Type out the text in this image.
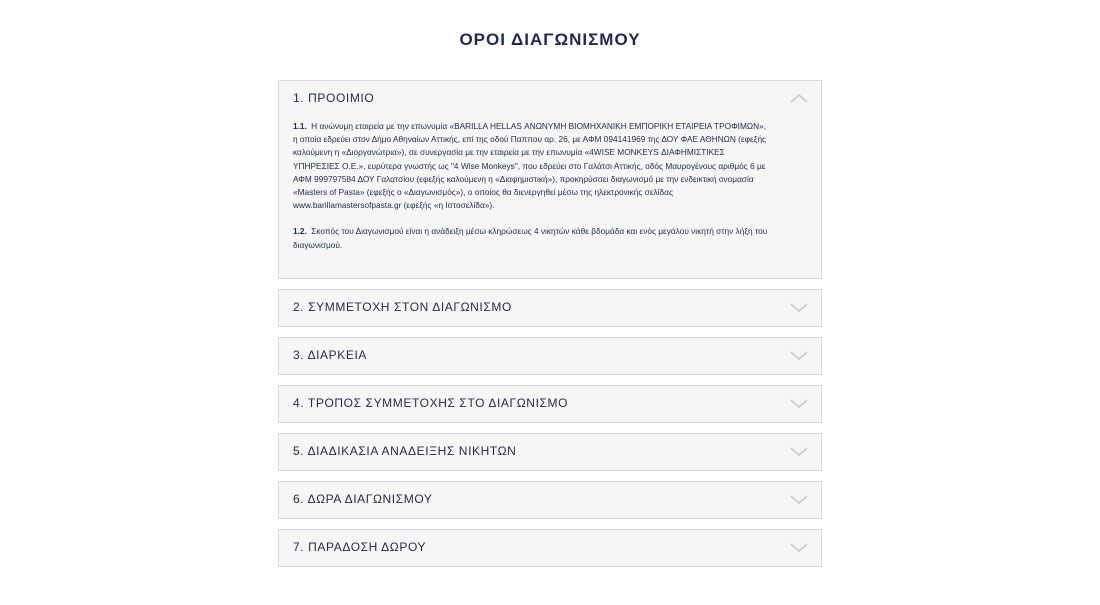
ΟΡΟΙ ΔΙΑΓΩΝΙΣΜΟΥ
1. ΠΡΟΟΙΜΙΟ

1.1. Η ανώνυμη εταιρεία με την επωνυμία «BARILLA HELLAS ΑΝΩΝΥΜΗ ΒΙΟΜΗΧΑΝΙΚΗ ΕΜΠΟΡΙΚΗ ΕΤΑΙΡΕΙΑ ΤΡΟΦΙΜΩΝ», η οποία εδρεύει στον Δήμο Αθηναίων Αττικής, επί της οδού Παππου αρ. 26, με ΑΦΜ 094141969 της ΔΟΥ ΦΑΕ ΑΘΗΝΩΝ (εφεξής καλούμενη η «Διοργανώτρια»), σε συνεργασία με την εταιρεία με την επωνυμία «4WISE MONKEYS ΔΙΑΦΗΜΙΣΤΙΚΕΣ ΥΠΗΡΕΣΙΕΣ Ο.Ε.», ευρύτερα γνωστής ως "4 Wise Monkeys", που εδρεύει στο Γαλάτσι Αττικής, οδός Μαυρογένους αριθμός 6 με ΑΦΜ 999797584 ΔΟΥ Γαλατσίου (εφεξής καλούμενη η «Διαφημιστική»), προκηρύσσει διαγωνισμό με την ενδεικτική ονομασία «Masters of Pasta» (εφεξής ο «Διαγωνισμός»), ο οποίος θα διενεργηθεί μέσω της ηλεκτρονικής σελίδας www.barillamastersofpasta.gr (εφεξής «η Ιστοσελίδα»).

1.2. Σκοπός του Διαγωνισμού είναι η ανάδειξη μέσω κληρώσεως 4 νικητών κάθε βδομάδα και ενός μεγάλου νικητή στην λήξη του διαγωνισμού.

2. ΣΥΜΜΕΤΟΧΗ ΣΤΟΝ ΔΙΑΓΩΝΙΣΜΟ
3. ΔΙΑΡΚΕΙΑ
4. ΤΡΟΠΟΣ ΣΥΜΜΕΤΟΧΗΣ ΣΤΟ ΔΙΑΓΩΝΙΣΜΟ
5. ΔΙΑΔΙΚΑΣΙΑ ΑΝΑΔΕΙΞΗΣ ΝΙΚΗΤΩΝ
6. ΔΩΡΑ ΔΙΑΓΩΝΙΣΜΟΥ
7. ΠΑΡΑΔΟΣΗ ΔΩΡΟΥ
